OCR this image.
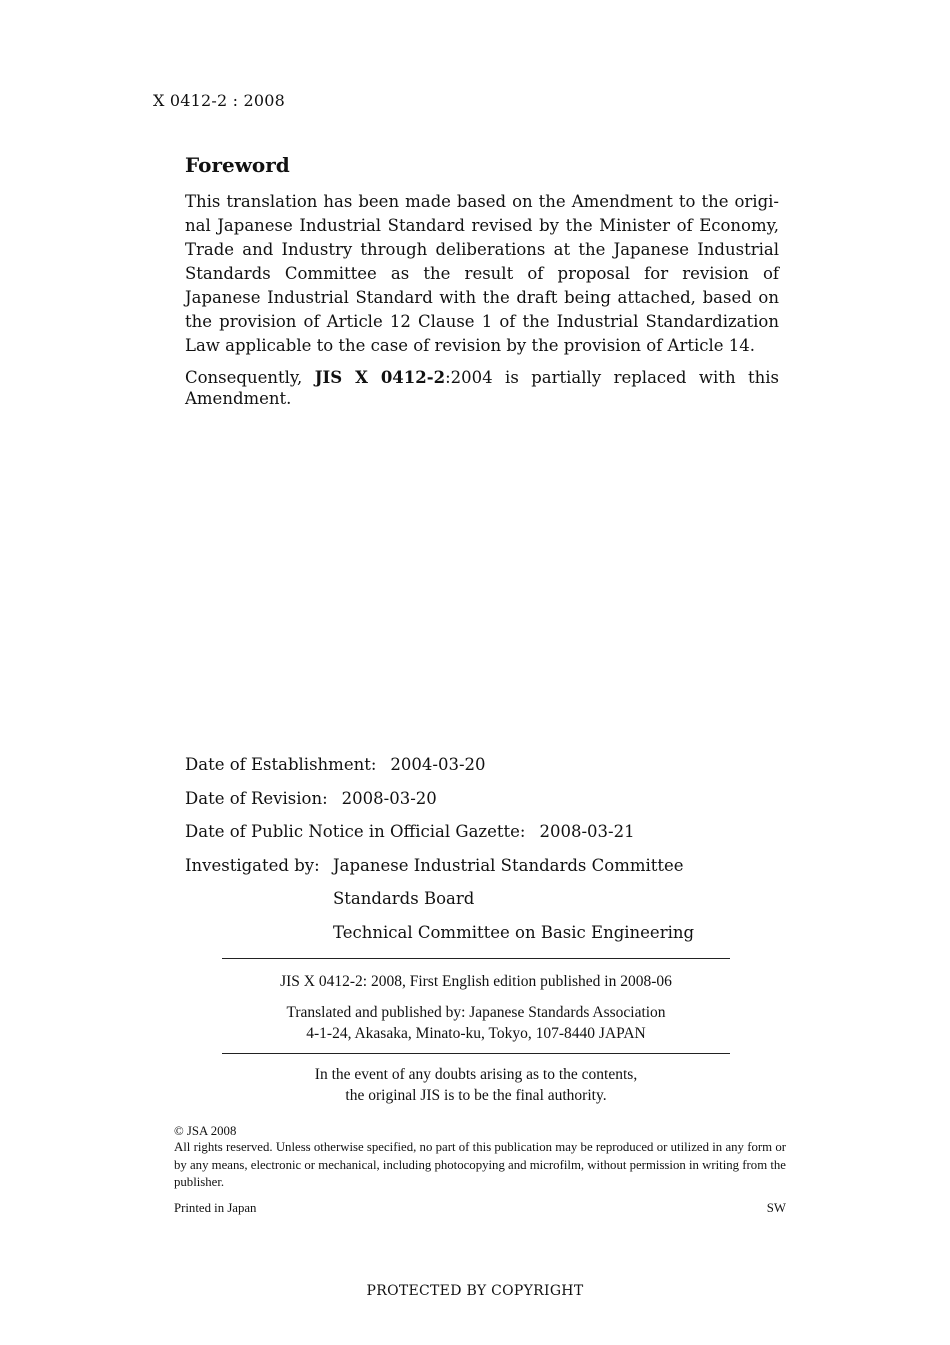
X 0412-2 : 2008
Foreword
This translation has been made based on the Amendment to the original Japanese Industrial Standard revised by the Minister of Economy, Trade and Industry through deliberations at the Japanese Industrial Standards Committee as the result of proposal for revision of Japanese Industrial Standard with the draft being attached, based on the provision of Article 12 Clause 1 of the Industrial Standardization Law applicable to the case of revision by the provision of Article 14.
Consequently, JIS X 0412-2:2004 is partially replaced with this Amendment.
Date of Establishment: 2004-03-20
Date of Revision: 2008-03-20
Date of Public Notice in Official Gazette: 2008-03-21
Investigated by: Japanese Industrial Standards Committee
Standards Board
Technical Committee on Basic Engineering
JIS X 0412-2: 2008, First English edition published in 2008-06
Translated and published by: Japanese Standards Association
4-1-24, Akasaka, Minato-ku, Tokyo, 107-8440 JAPAN
In the event of any doubts arising as to the contents,
the original JIS is to be the final authority.
© JSA 2008
All rights reserved. Unless otherwise specified, no part of this publication may be reproduced or utilized in any form or by any means, electronic or mechanical, including photocopying and microfilm, without permission in writing from the publisher.
Printed in Japan	SW
PROTECTED BY COPYRIGHT
